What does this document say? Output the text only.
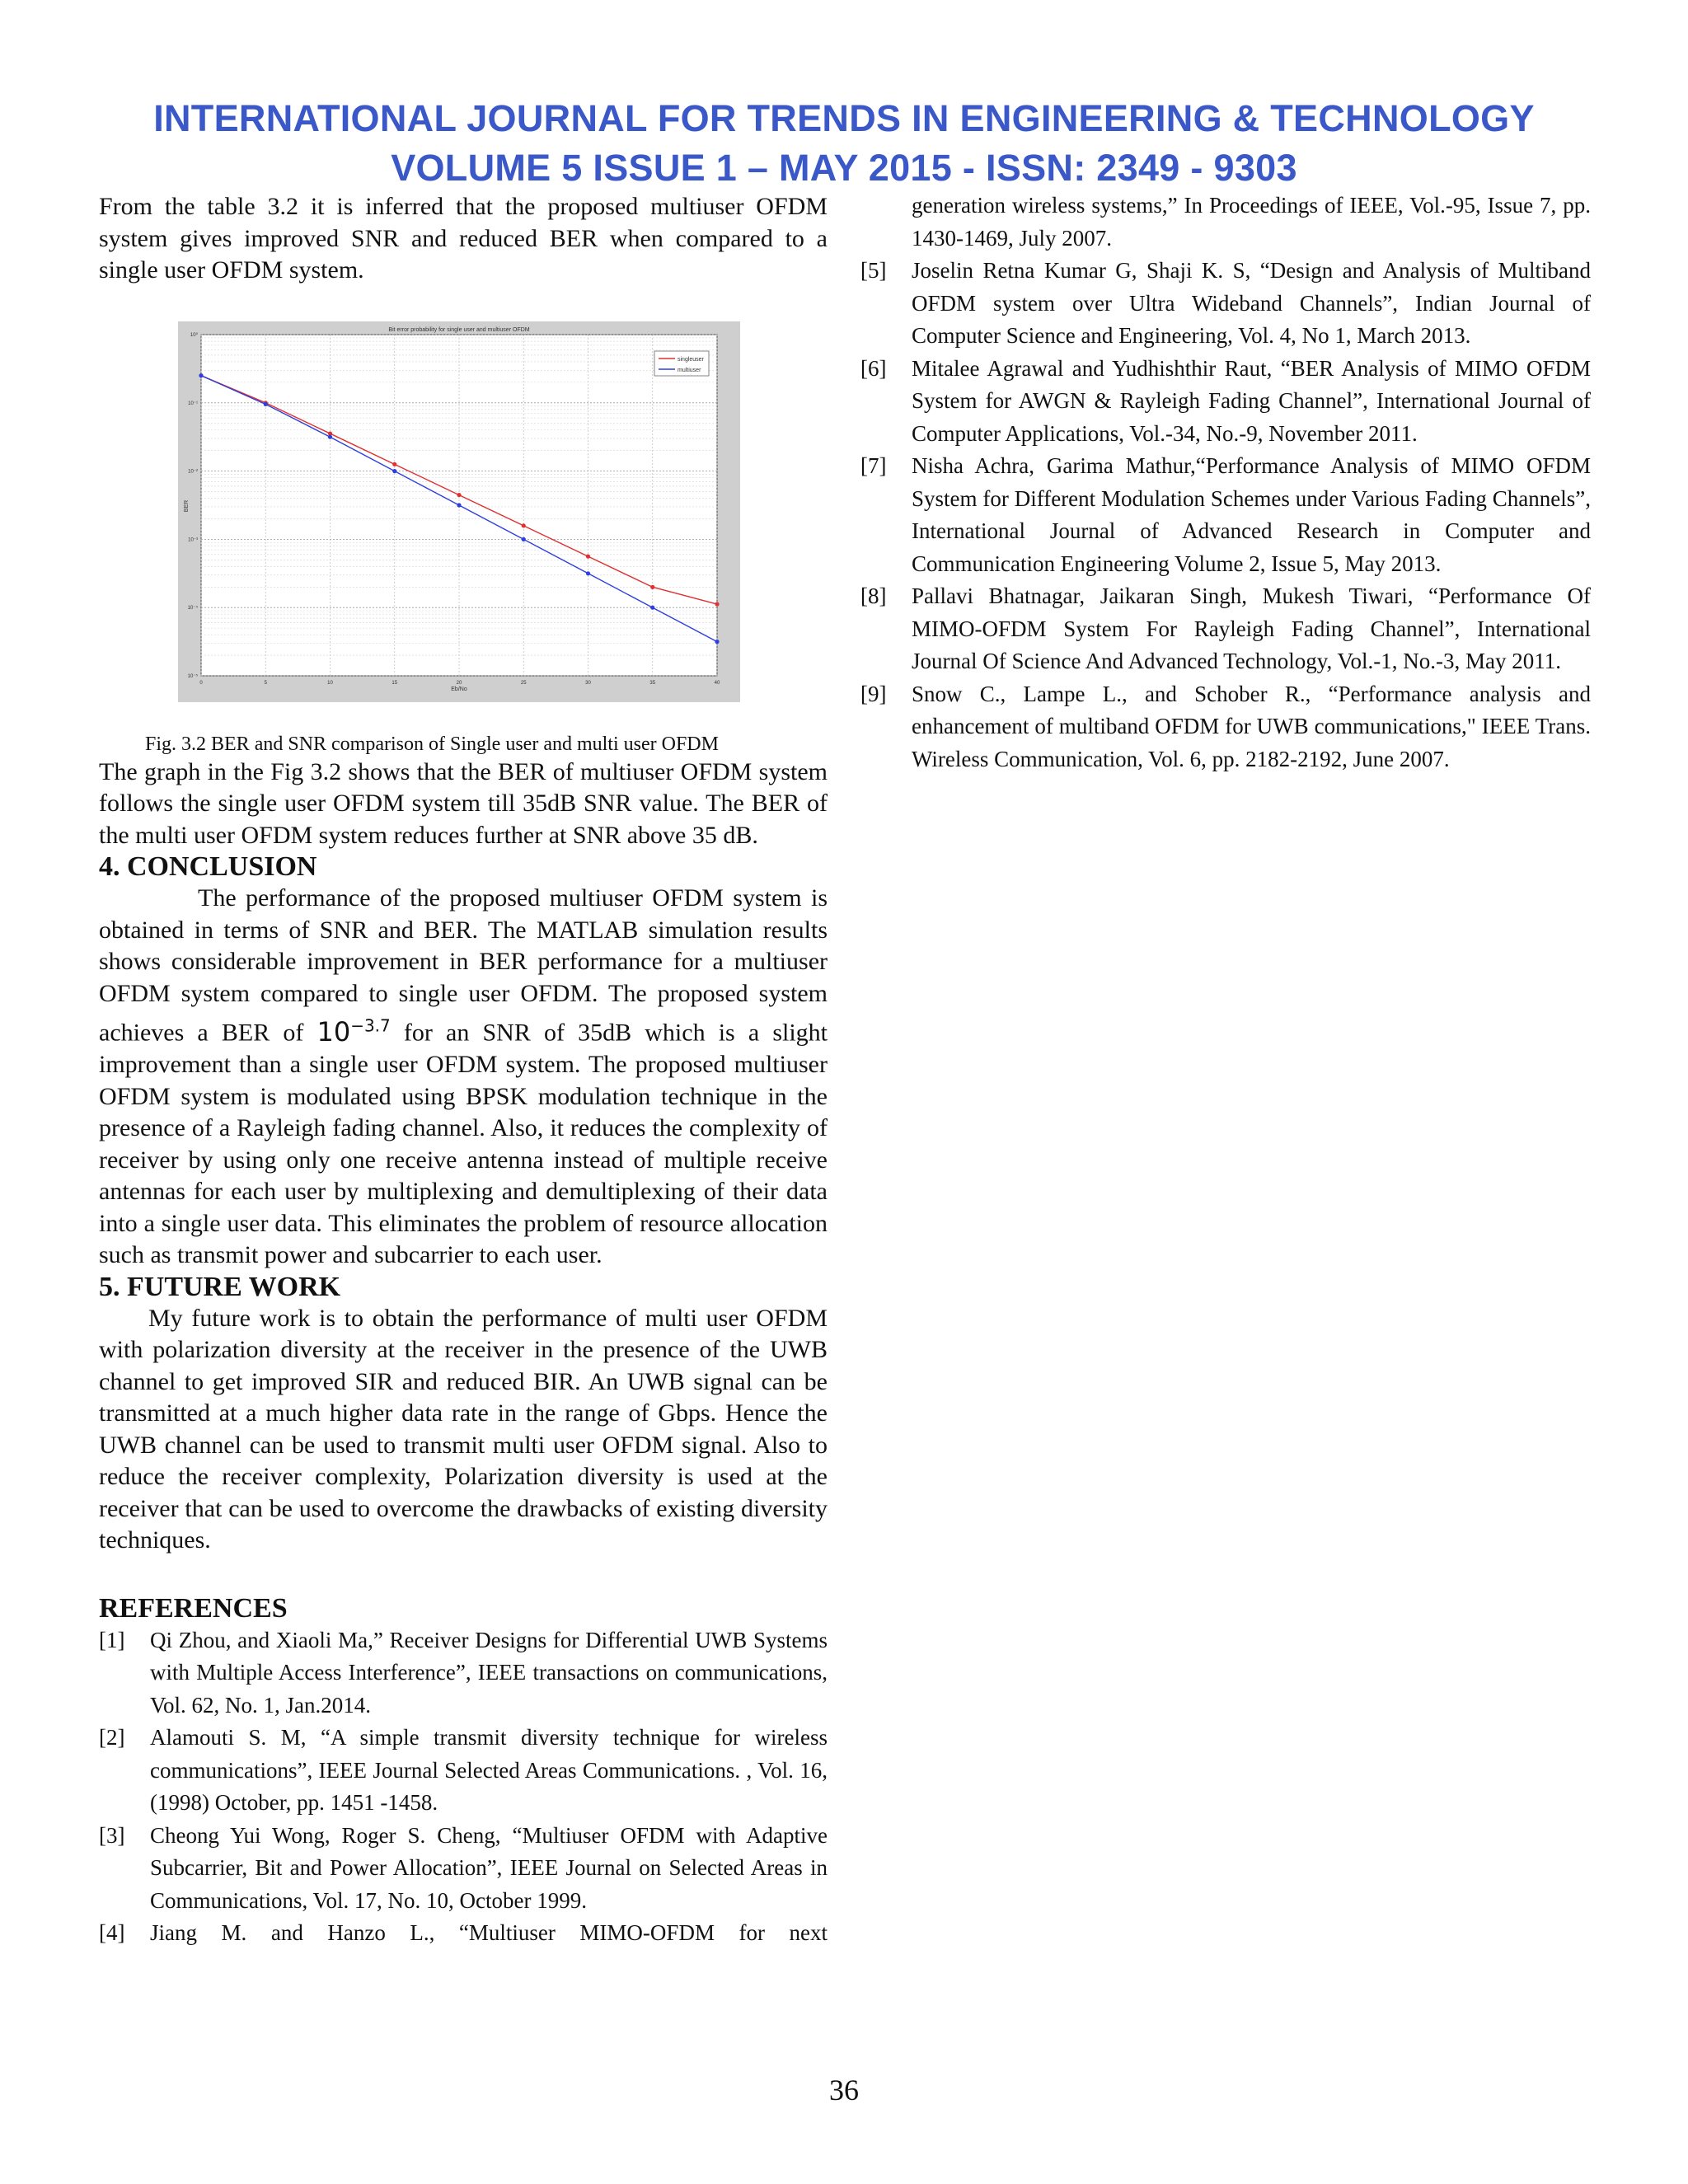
INTERNATIONAL JOURNAL FOR TRENDS IN ENGINEERING & TECHNOLOGY
VOLUME 5 ISSUE 1 – MAY 2015 - ISSN: 2349 - 9303

From the table 3.2 it is inferred that the proposed multiuser OFDM system gives improved SNR and reduced BER when compared to a single user OFDM system.

0	5	10	15	20	25	30	35	40
10⁰
10⁻¹
10⁻²
10⁻³
10⁻⁴
10⁻⁵
Bit error probability for single user and multiuser OFDM
Eb/No
BER
singleuser
multiuser
Fig. 3.2 BER and SNR comparison of Single user and multi user OFDM

The graph in the Fig 3.2 shows that the BER of multiuser OFDM system follows the single user OFDM system till 35dB SNR value. The BER of the multi user OFDM system reduces further at SNR above 35 dB.

4. CONCLUSION

The performance of the proposed multiuser OFDM system is obtained in terms of SNR and BER. The MATLAB simulation results shows considerable improvement in BER performance for a multiuser OFDM system compared to single user OFDM. The proposed system achieves a BER of $10^{-3.7}$ for an SNR of 35dB which is a slight improvement than a single user OFDM system. The proposed multiuser OFDM system is modulated using BPSK modulation technique in the presence of a Rayleigh fading channel. Also, it reduces the complexity of receiver by using only one receive antenna instead of multiple receive antennas for each user by multiplexing and demultiplexing of their data into a single user data. This eliminates the problem of resource allocation such as transmit power and subcarrier to each user.

5. FUTURE WORK

My future work is to obtain the performance of multi user OFDM with polarization diversity at the receiver in the presence of the UWB channel to get improved SIR and reduced BIR. An UWB signal can be transmitted at a much higher data rate in the range of Gbps. Hence the UWB channel can be used to transmit multi user OFDM signal. Also to reduce the receiver complexity, Polarization diversity is used at the receiver that can be used to overcome the drawbacks of existing diversity techniques.

REFERENCES

[1] Qi Zhou, and Xiaoli Ma,” Receiver Designs for Differential UWB Systems with Multiple Access Interference”, IEEE transactions on communications, Vol. 62, No. 1, Jan.2014.

[2] Alamouti S. M, “A simple transmit diversity technique for wireless communications”, IEEE Journal Selected Areas Communications. , Vol. 16, (1998) October, pp. 1451 -1458.

[3] Cheong Yui Wong, Roger S. Cheng, “Multiuser OFDM with Adaptive Subcarrier, Bit and Power Allocation”, IEEE Journal on Selected Areas in Communications, Vol. 17, No. 10, October 1999.

[4] Jiang M. and Hanzo L., “Multiuser MIMO-OFDM for next

generation wireless systems,” In Proceedings of IEEE, Vol.-95, Issue 7, pp. 1430-1469, July 2007.

[5] Joselin Retna Kumar G, Shaji K. S, “Design and Analysis of Multiband OFDM system over Ultra Wideband Channels”, Indian Journal of Computer Science and Engineering, Vol. 4, No 1, March 2013.

[6] Mitalee Agrawal and Yudhishthir Raut, “BER Analysis of MIMO OFDM System for AWGN & Rayleigh Fading Channel”, International Journal of Computer Applications, Vol.-34, No.-9, November 2011.

[7] Nisha Achra, Garima Mathur,“Performance Analysis of MIMO OFDM System for Different Modulation Schemes under Various Fading Channels”, International Journal of Advanced Research in Computer and Communication Engineering Volume 2, Issue 5, May 2013.

[8] Pallavi Bhatnagar, Jaikaran Singh, Mukesh Tiwari, “Performance Of MIMO-OFDM System For Rayleigh Fading Channel”, International Journal Of Science And Advanced Technology, Vol.-1, No.-3, May 2011.

[9] Snow C., Lampe L., and Schober R., “Performance analysis and enhancement of multiband OFDM for UWB communications," IEEE Trans. Wireless Communication, Vol. 6, pp. 2182-2192, June 2007.

36
